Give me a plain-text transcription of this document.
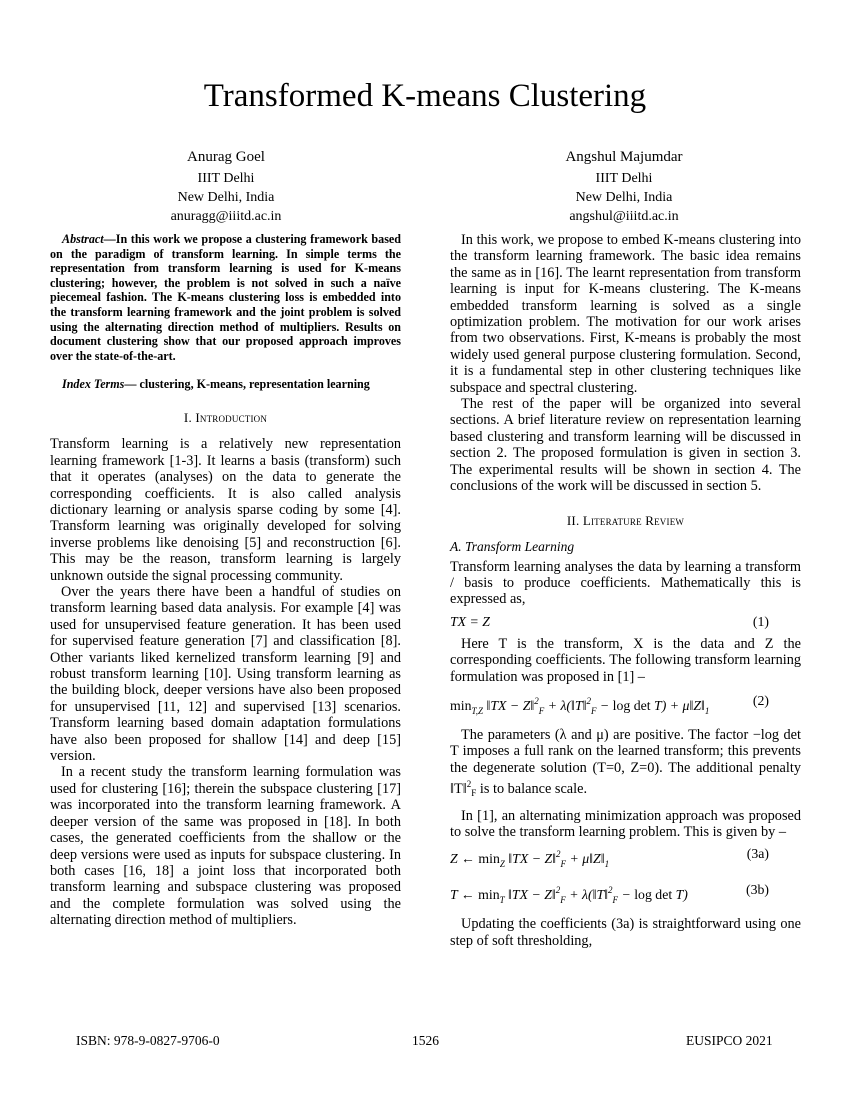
Transformed K-means Clustering
Anurag Goel
IIIT Delhi
New Delhi, India
anuragg@iiitd.ac.in
Angshul Majumdar
IIIT Delhi
New Delhi, India
angshul@iiitd.ac.in

Abstract—In this work we propose a clustering framework based on the paradigm of transform learning. In simple terms the representation from transform learning is used for K-means clustering; however, the problem is not solved in such a naïve piecemeal fashion. The K-means clustering loss is embedded into the transform learning framework and the joint problem is solved using the alternating direction method of multipliers. Results on document clustering show that our proposed approach improves over the state-of-the-art.

Index Terms— clustering, K-means, representation learning

I. Introduction

Transform learning is a relatively new representation learning framework [1-3]. It learns a basis (transform) such that it operates (analyses) on the data to generate the corresponding coefficients. It is also called analysis dictionary learning or analysis sparse coding by some [4]. Transform learning was originally developed for solving inverse problems like denoising [5] and reconstruction [6]. This may be the reason, transform learning is largely unknown outside the signal processing community.

Over the years there have been a handful of studies on transform learning based data analysis. For example [4] was used for unsupervised feature generation. It has been used for supervised feature generation [7] and classification [8]. Other variants liked kernelized transform learning [9] and robust transform learning [10]. Using transform learning as the building block, deeper versions have also been proposed for unsupervised [11, 12] and supervised [13] scenarios. Transform learning based domain adaptation formulations have also been proposed for shallow [14] and deep [15] version.

In a recent study the transform learning formulation was used for clustering [16]; therein the subspace clustering [17] was incorporated into the transform learning framework. A deeper version of the same was proposed in [18]. In both cases, the generated coefficients from the shallow or the deep versions were used as inputs for subspace clustering. In both cases [16, 18] a joint loss that incorporated both transform learning and subspace clustering was proposed and the complete formulation was solved using the alternating direction method of multipliers.

In this work, we propose to embed K-means clustering into the transform learning framework. The basic idea remains the same as in [16]. The learnt representation from transform learning is input for K-means clustering. The K-means embedded transform learning is solved as a single optimization problem. The motivation for our work arises from two observations. First, K-means is probably the most widely used general purpose clustering formulation. Second, it is a fundamental step in other clustering techniques like subspace and spectral clustering.

The rest of the paper will be organized into several sections. A brief literature review on representation learning based clustering and transform learning will be discussed in section 2. The proposed formulation is given in section 3. The experimental results will be shown in section 4. The conclusions of the work will be discussed in section 5.

II. Literature Review
A. Transform Learning

Transform learning analyses the data by learning a transform / basis to produce coefficients. Mathematically this is expressed as,

TX = Z	(1)

Here T is the transform, X is the data and Z the corresponding coefficients. The following transform learning formulation was proposed in [1] –

$\min_{T,Z}$ ‖TX − Z‖$^2_F$ + λ(‖T‖$^2_F$ − $\log \det T) + \mu‖Z‖_1$
(2)

The parameters (λ and μ) are positive. The factor −log det T imposes a full rank on the learned transform; this prevents the degenerate solution (T=0, Z=0). The additional penalty ‖T‖$^2_F$ is to balance scale.

In [1], an alternating minimization approach was proposed to solve the transform learning problem. This is given by –

Z ← $\min_Z$ ‖TX − Z‖$^2_F$ + $\mu‖Z‖_1$
(3a)
T ← $\min_T$ ‖TX − Z‖$^2_F$ + λ(‖T‖$^2_F$ − log det T)	(3b)

Updating the coefficients (3a) is straightforward using one step of soft thresholding,

ISBN: 978-9-0827-9706-0	1526	EUSIPCO 2021
